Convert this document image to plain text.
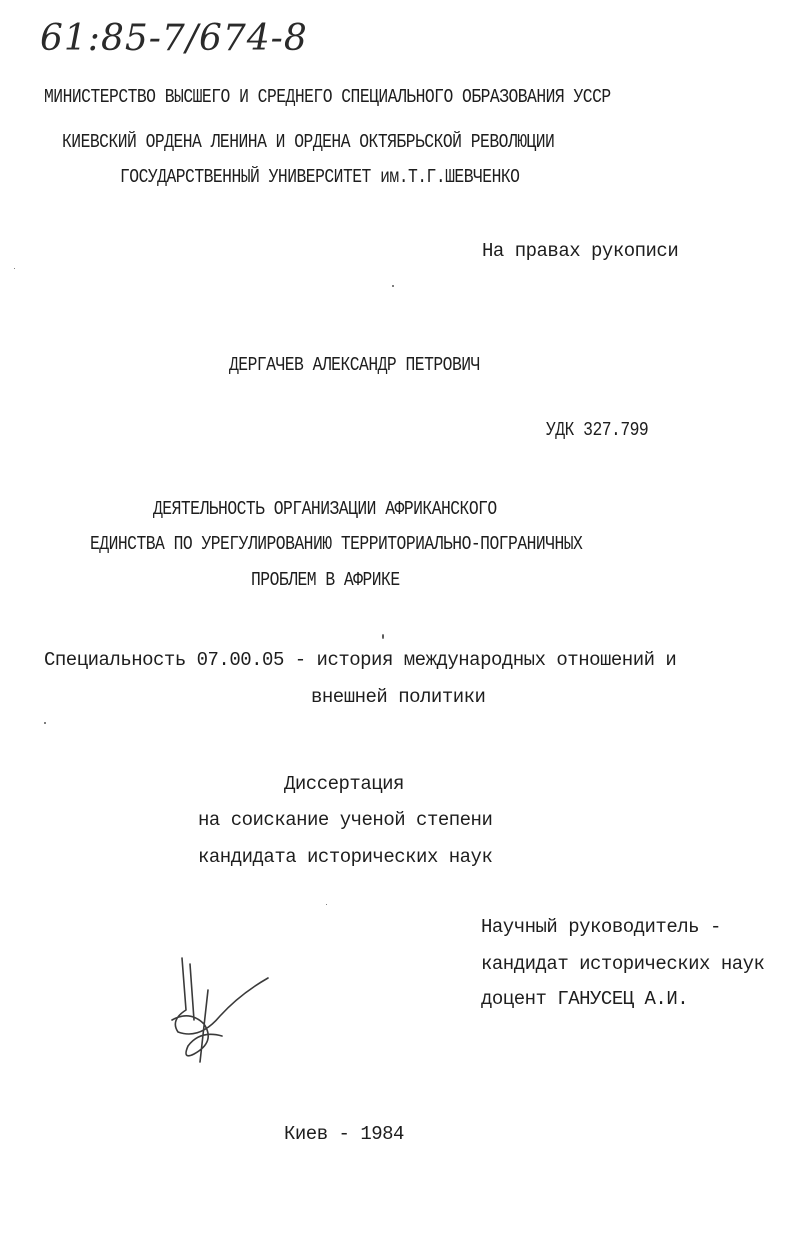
61:85-7/674-8

МИНИСТЕРСТВО ВЫСШЕГО И СРЕДНЕГО СПЕЦИАЛЬНОГО ОБРАЗОВАНИЯ УССР

КИЕВСКИЙ ОРДЕНА ЛЕНИНА И ОРДЕНА ОКТЯБРЬСКОЙ РЕВОЛЮЦИИ

ГОСУДАРСТВЕННЫЙ УНИВЕРСИТЕТ им.Т.Г.ШЕВЧЕНКО

На правах рукописи

ДЕРГАЧЕВ АЛЕКСАНДР ПЕТРОВИЧ

УДК 327.799

ДЕЯТЕЛЬНОСТЬ ОРГАНИЗАЦИИ АФРИКАНСКОГО

ЕДИНСТВА ПО УРЕГУЛИРОВАНИЮ ТЕРРИТОРИАЛЬНО-ПОГРАНИЧНЫХ

ПРОБЛЕМ В АФРИКЕ

Специальность 07.00.05 - история международных отношений и

внешней политики

Диссертация

на соискание ученой степени

кандидата исторических наук

Научный руководитель -

кандидат исторических наук

доцент ГАНУСЕЦ А.И.

Киев - 1984
